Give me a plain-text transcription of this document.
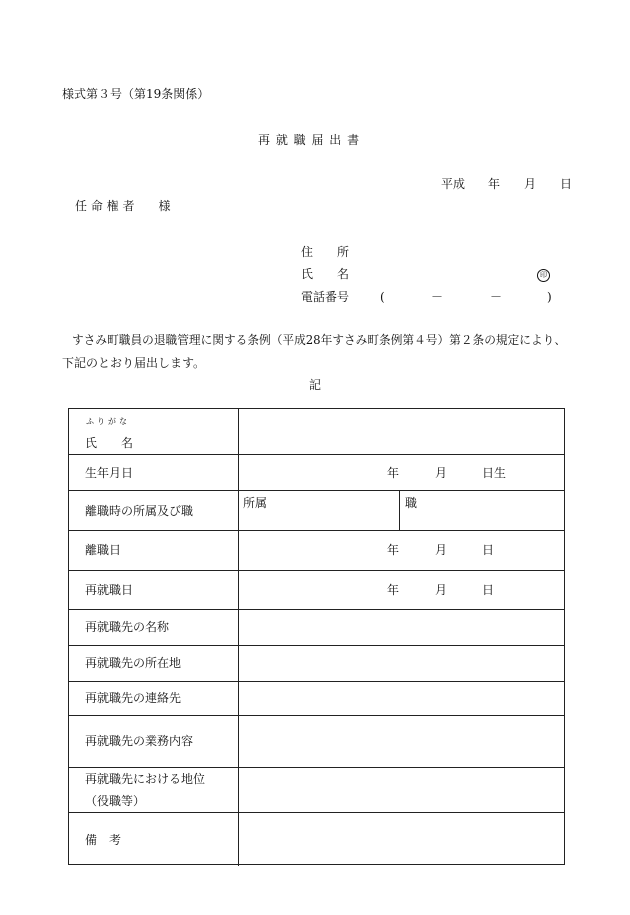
様式第３号（第19条関係）
再 就 職 届 出 書
平成 年 月 日
任 命 権 者　　様
住　　所
氏　　名	印
電話番号	(	－	－	)
すさみ町職員の退職管理に関する条例（平成28年すさみ町条例第４号）第２条の規定により、
下記のとおり届出します。
記
ふりがな
氏　　名
生年月日	年	月	日生
離職時の所属及び職
所属	職
離職日	年	月	日
再就職日	年	月	日
再就職先の名称
再就職先の所在地
再就職先の連絡先
再就職先の業務内容
再就職先における地位
（役職等）
備　考
